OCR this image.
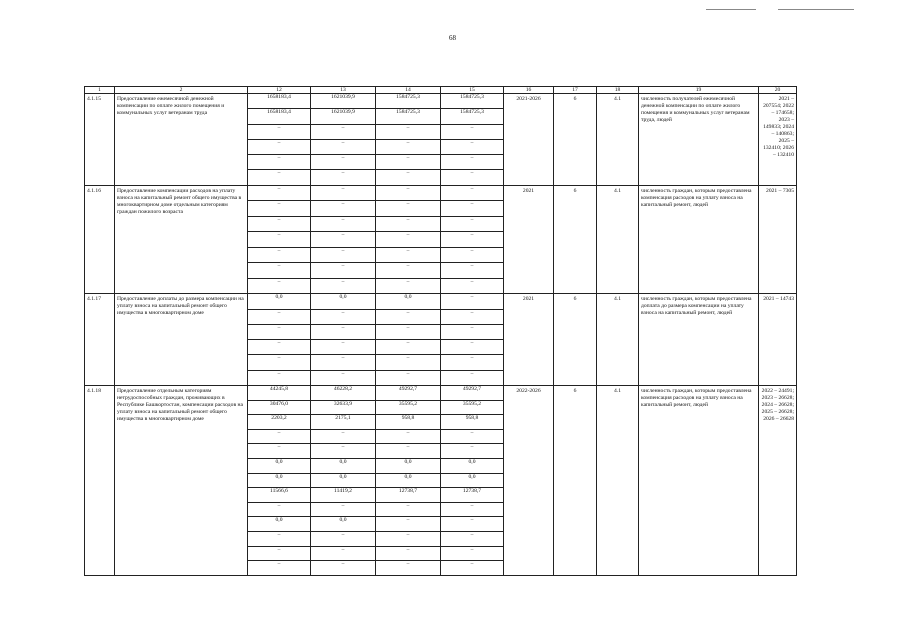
68
1	2	12	13	14	15	16	17	18	19	20
4.1.15	Предоставление ежемесячной денежной компенсации по оплате жилого помещения и коммунальных услуг ветеранам труда	1658183,4	1621039,9	1584725,3	1584725,3	2021-2026	6	4.1	численность получателей ежемесячной денежной компенсации по оплате жилого помещения и коммунальных услуг ветеранам труда, людей	2021 – 207554; 2022 – 174658; 2023 – 149833; 2024 – 140863; 2025 – 132410; 2026 – 132410
		1658183,4	1621039,9	1584725,3	1584725,3					
		–	–	–	–					
		–	–	–	–					
		–	–	–	–					
		–	–	–	–					
4.1.16	Предоставление компенсации расходов на уплату взноса на капитальный ремонт общего имущества в многоквартирном доме отдельным категориям граждан пожилого возраста	–	–	–	–	2021	6	4.1	численность граждан, которым предоставлена компенсация расходов на уплату взноса на капитальный ремонт, людей	2021 – 7305
		–	–	–	–					
		–	–	–	–					
		–	–	–	–					
		–	–	–	–					
		–	–	–	–					
		–	–	–	–					
4.1.17	Предоставление доплаты до размера компенсации на уплату взноса на капитальный ремонт общего имущества в многоквартирном доме	0,0	0,0	0,0	–	2021	6	4.1	численность граждан, которым предоставлена доплата до размера компенсации на уплату взноса на капитальный ремонт, людей	2021 – 14743
		–	–	–	–					
		–	–	–	–					
		–	–	–	–					
		–	–	–	–					
		–	–	–	–					
4.1.18	Предоставление отдельным категориям нетрудоспособных граждан, проживающих в Республике Башкортостан, компенсации расходов на уплату взноса на капитальный ремонт общего имущества в многоквартирном доме	44245,8	46228,2	49292,7	49292,7	2022-2026	6	4.1	численность граждан, которым предоставлена компенсация расходов на уплату взноса на капитальный ремонт, людей	2022 – 24491; 2023 – 26628; 2024 – 26628; 2025 – 26628; 2026 – 26628
		30476,0	32633,9	35595,2	35595,2					
		2203,2	2175,1	958,8	958,8					
		–	–	–	–					
		–	–	–	–					
		0,0	0,0	0,0	0,0					
		0,0	0,0	0,0	0,0					
		11566,6	11419,2	12738,7	12738,7					
		–	–	–	–					
		0,0	0,0	–	–					
		–	–	–	–					
		–	–	–	–					
		–	–	–	–					
